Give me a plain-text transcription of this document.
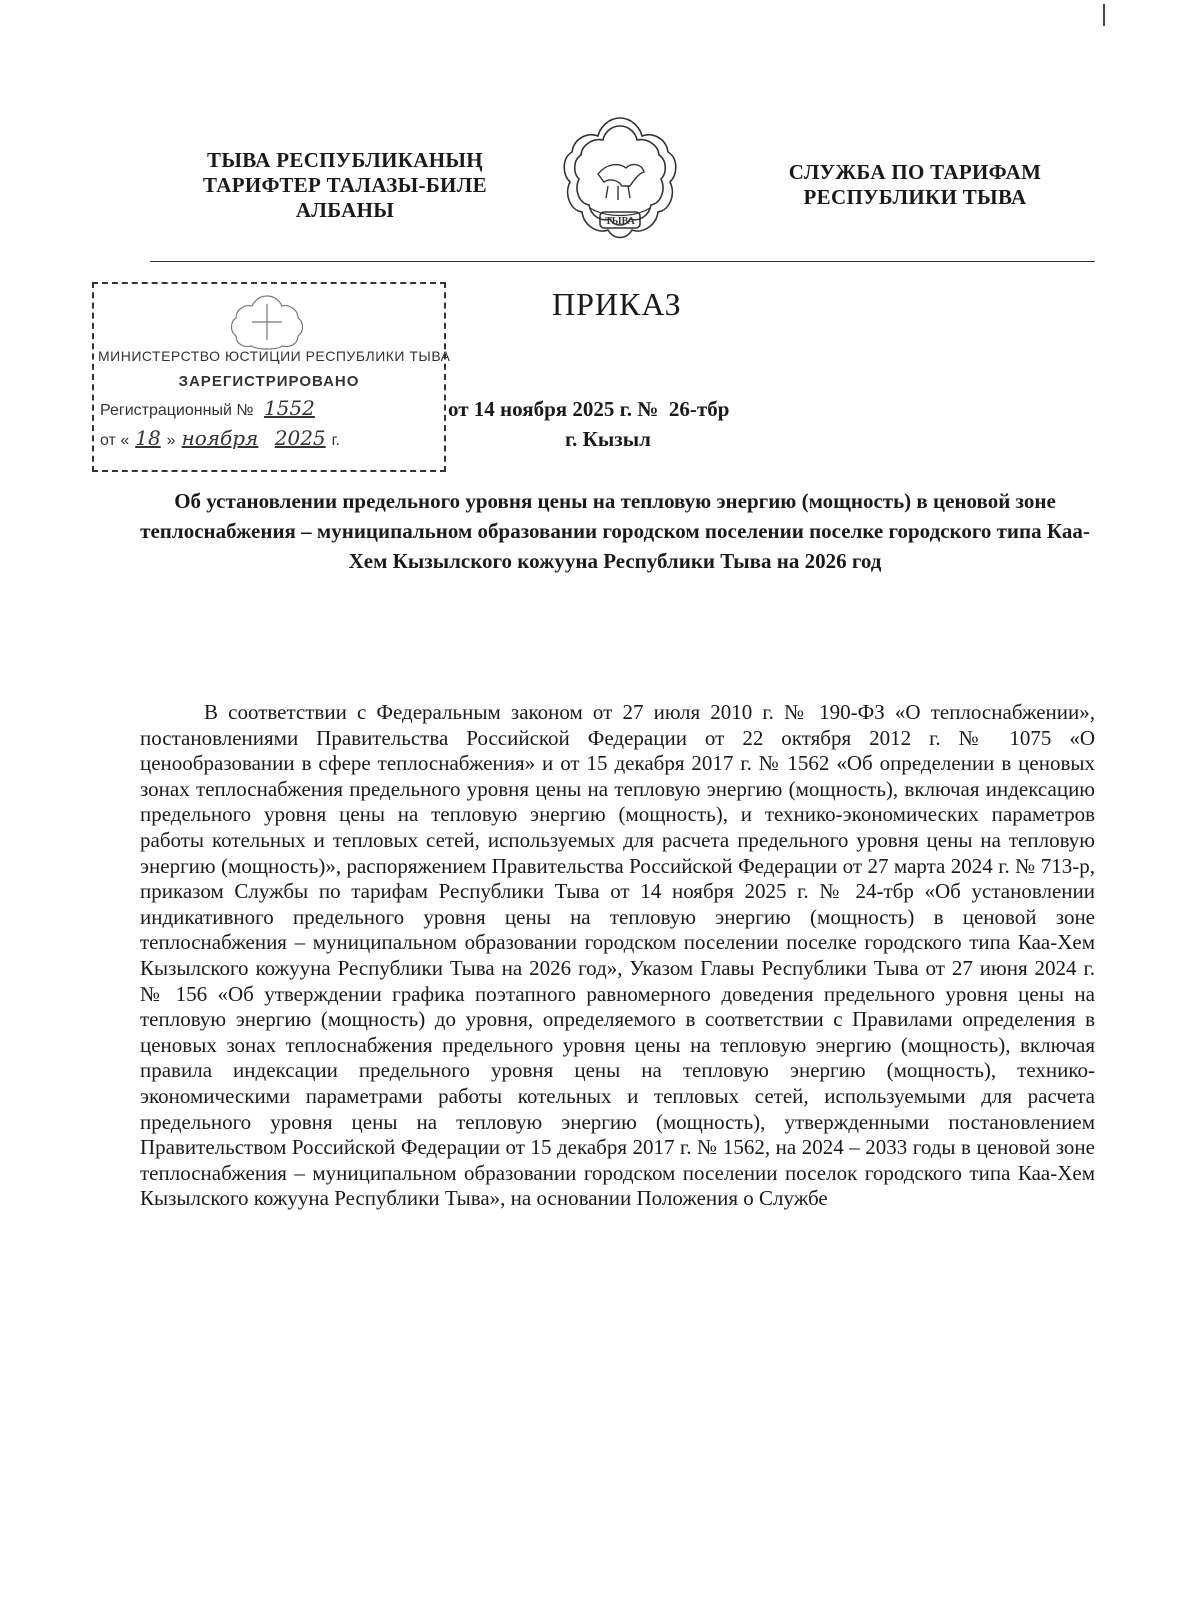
ТЫВА РЕСПУБЛИКАНЫҢ
ТАРИФТЕР ТАЛАЗЫ-БИЛЕ
АЛБАНЫ	ТЫВА
СЛУЖБА ПО ТАРИФАМ
РЕСПУБЛИКИ ТЫВА
МИНИСТЕРСТВО ЮСТИЦИИ РЕСПУБЛИКИ ТЫВА
ЗАРЕГИСТРИРОВАНО
Регистрационный № 1552
от « 18 » ноября 2025 г.
ПРИКАЗ
от 14 ноября 2025 г. №  26-тбр
г. Кызыл
Об установлении предельного уровня цены на тепловую энергию (мощность) в ценовой зоне теплоснабжения – муниципальном образовании городском поселении поселке городского типа Каа-Хем Кызылского кожууна Республики Тыва на 2026 год

В соответствии с Федеральным законом от 27 июля 2010 г. № 190-ФЗ «О теплоснабжении», постановлениями Правительства Российской Федерации от 22 октября 2012 г. № 1075 «О ценообразовании в сфере теплоснабжения» и от 15 декабря 2017 г. № 1562 «Об определении в ценовых зонах теплоснабжения предельного уровня цены на тепловую энергию (мощность), включая индексацию предельного уровня цены на тепловую энергию (мощность), и технико-экономических параметров работы котельных и тепловых сетей, используемых для расчета предельного уровня цены на тепловую энергию (мощность)», распоряжением Правительства Российской Федерации от 27 марта 2024 г. № 713-р, приказом Службы по тарифам Республики Тыва от 14 ноября 2025 г. № 24-тбр «Об установлении индикативного предельного уровня цены на тепловую энергию (мощность) в ценовой зоне теплоснабжения – муниципальном образовании городском поселении поселке городского типа Каа-Хем Кызылского кожууна Республики Тыва на 2026 год», Указом Главы Республики Тыва от 27 июня 2024 г. № 156 «Об утверждении графика поэтапного равномерного доведения предельного уровня цены на тепловую энергию (мощность) до уровня, определяемого в соответствии с Правилами определения в ценовых зонах теплоснабжения предельного уровня цены на тепловую энергию (мощность), включая правила индексации предельного уровня цены на тепловую энергию (мощность), технико-экономическими параметрами работы котельных и тепловых сетей, используемыми для расчета предельного уровня цены на тепловую энергию (мощность), утвержденными постановлением Правительством Российской Федерации от 15 декабря 2017 г. № 1562, на 2024 – 2033 годы в ценовой зоне теплоснабжения – муниципальном образовании городском поселении поселок городского типа Каа-Хем Кызылского кожууна Республики Тыва», на основании Положения о Службе
